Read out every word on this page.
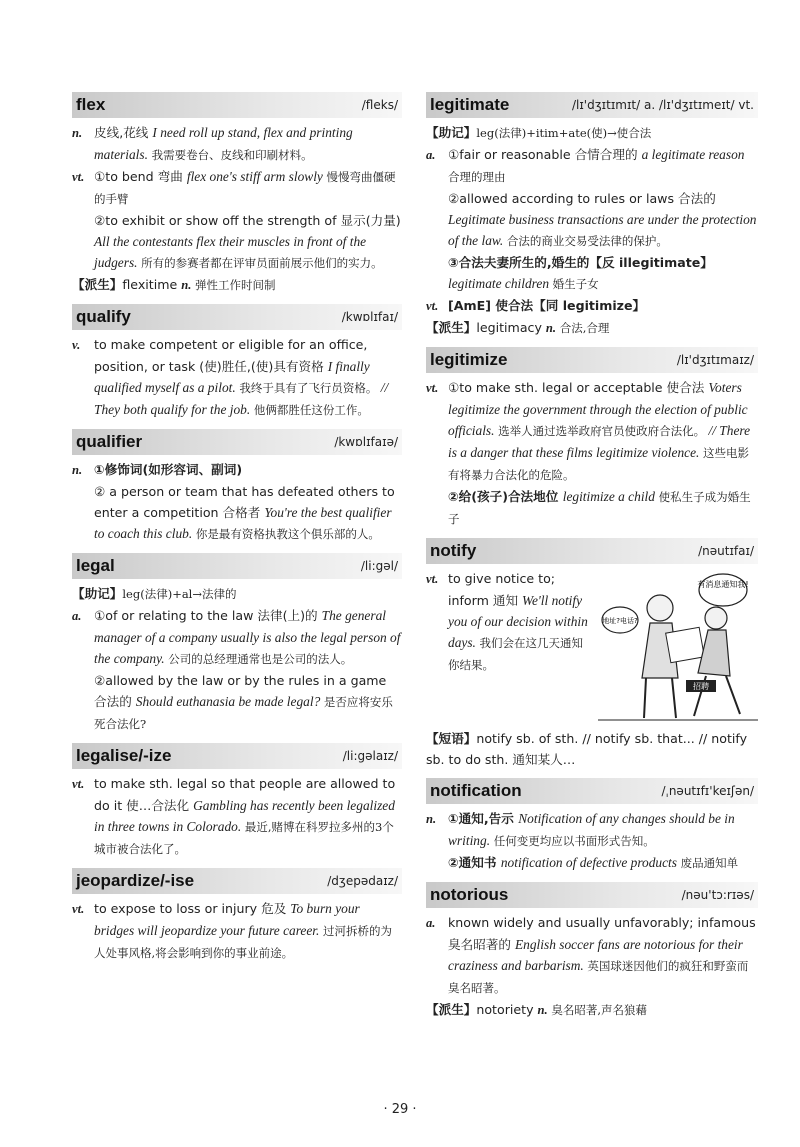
flex	/fleks/

n. 皮线,花线 I need roll up stand, flex and printing materials. 我需要卷台、皮线和印刷材料。

vt. ①to bend 弯曲 flex one's stiff arm slowly 慢慢弯曲僵硬的手臂

②to exhibit or show off the strength of 显示(力量) All the contestants flex their muscles in front of the judgers. 所有的参赛者都在评审员面前展示他们的实力。

【派生】flexitime n. 弹性工作时间制

qualify	/kwɒlɪfaɪ/

v. to make competent or eligible for an office, position, or task (使)胜任,(使)具有资格 I finally qualified myself as a pilot. 我终于具有了飞行员资格。 // They both qualify for the job. 他俩都胜任这份工作。

qualifier	/kwɒlɪfaɪə/

n. ①修饰词(如形容词、副词)

② a person or team that has defeated others to enter a competition 合格者 You're the best qualifier to coach this club. 你是最有资格执教这个俱乐部的人。

legal	/li:gəl/

【助记】leg(法律)+al→法律的

a. ①of or relating to the law 法律(上)的 The general manager of a company usually is also the legal person of the company. 公司的总经理通常也是公司的法人。

②allowed by the law or by the rules in a game 合法的 Should euthanasia be made legal? 是否应将安乐死合法化?

legalise/-ize	/li:gəlaɪz/

vt. to make sth. legal so that people are allowed to do it 使…合法化 Gambling has recently been legalized in three towns in Colorado. 最近,赌博在科罗拉多州的3个城市被合法化了。

jeopardize/-ise	/dʒepədaɪz/

vt. to expose to loss or injury 危及 To burn your bridges will jeopardize your future career. 过河拆桥的为人处事风格,将会影响到你的事业前途。

legitimate	/lɪ'dʒɪtɪmɪt/ a. /lɪ'dʒɪtɪmeɪt/ vt.

【助记】leg(法律)+itim+ate(使)→使合法

a. ①fair or reasonable 合情合理的 a legitimate reason 合理的理由

②allowed according to rules or laws 合法的 Legitimate business transactions are under the protection of the law. 合法的商业交易受法律的保护。

③合法夫妻所生的,婚生的【反 illegitimate】legitimate children 婚生子女

vt. [AmE] 使合法【同 legitimize】

【派生】legitimacy n. 合法,合理

legitimize	/lɪ'dʒɪtɪmaɪz/

vt. ①to make sth. legal or acceptable 使合法 Voters legitimize the government through the election of public officials. 选举人通过选举政府官员使政府合法化。 // There is a danger that these films legitimize violence. 这些电影有将暴力合法化的危险。

②给(孩子)合法地位 legitimize a child 使私生子成为婚生子

notify	/nəutɪfaɪ/

vt. to give notice to; inform 通知 We'll notify you of our decision within days. 我们会在这几天通知你结果。

有消息通知我!
地址?电话?
招聘

【短语】notify sb. of sth. // notify sb. that... // notify sb. to do sth. 通知某人…

notification	/ˌnəutɪfɪ'keɪʃən/

n. ①通知,告示 Notification of any changes should be in writing. 任何变更均应以书面形式告知。

②通知书 notification of defective products 废品通知单

notorious	/nəu'tɔ:rɪəs/

a. known widely and usually unfavorably; infamous 臭名昭著的 English soccer fans are notorious for their craziness and barbarism. 英国球迷因他们的疯狂和野蛮而臭名昭著。

【派生】notoriety n. 臭名昭著,声名狼藉

· 29 ·
